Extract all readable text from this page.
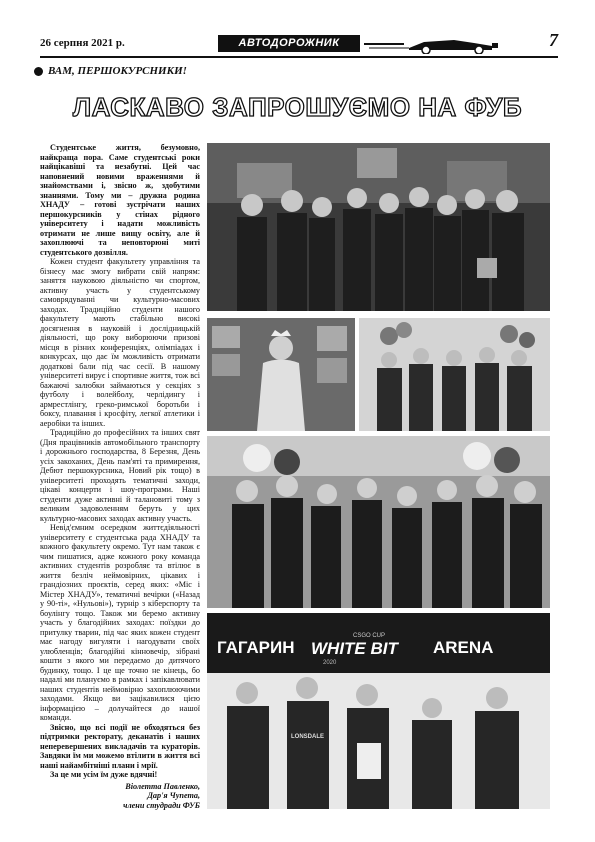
26 серпня 2021 р.	АВТОДОРОЖНИК	7
ВАМ, ПЕРШОКУРСНИКИ!
ЛАСКАВО ЗАПРОШУЄМО НА ФУБ

Студентське життя, безумовно, найкраща пора. Саме студентські роки найцікавіші та незабутні. Цей час наповнений новими враженнями й знайомствами і, звісно ж, здобутими знаннями. Тому ми – дружна родина ХНАДУ – готові зустрічати наших першокурсників у стінах рідного університету і надати можливість отримати не лише вищу освіту, але й захоплюючі та неповторюні миті студентського дозвілля.

Кожен студент факультету управління та бізнесу має змогу вибрати свій напрям: заняття науковою діяльністю чи спортом, активну участь у студентському самоврядуванні чи культурно-масових заходах. Традиційно студенти нашого факультету мають стабільно високі досягнення в науковій і дослідницькій діяльності, що року виборюючи призові місця в різних конференціях, олімпіадах і конкурсах, що дає їм можливість отримати додаткові бали під час сесії. В нашому університеті вирує і спортивне життя, тож всі бажаючі залюбки займаються у секціях з футболу і волейболу, черлідингу і армрестлінгу, греко-римської боротьби і боксу, плавання і кросфіту, легкої атлетики і аеробіки та інших.

Традиційно до професійних та інших свят (Дня працівників автомобільного транспорту і дорожнього господарства, 8 Березня, День усіх закоханих, День пам'яті та примирення, Дебют першокурсника, Новий рік тощо) в університеті проходять тематичні заходи, цікаві концерти і шоу-програми. Наші студенти дуже активні й талановиті тому з великим задоволенням беруть у цих культурно-масових заходах активну участь.

Невід'ємним осередком життєдіяльності університету є студентська рада ХНАДУ та кожного факультету окремо. Тут нам також є чим пишатися, адже кожного року команда активних студентів розробляє та втілює в життя безліч неймовірних, цікавих і грандіозних проєктів, серед яких: «Міс і Містер ХНАДУ», тематичні вечірки («Назад у 90-ті», «Нульові»), турнір з кіберспорту та боулінгу тощо. Також ми беремо активну участь у благодійних заходах: поїздки до притулку тварин, під час яких кожен студент має нагоду вигуляти і нагодувати своїх улюбленців; благодійні кінновечір, зібрані кошти з якого ми передаємо до дитячого будинку, тощо. І це ще точно не кінець, бо надалі ми плануємо в рамках і запікавлювати наших студентів неймовірно захоплюючими заходами. Якщо ви зацікавилися цією інформацією – долучайтеся до нашої команди.

Звісно, що всі події не обходяться без підтримки ректорату, деканатів і наших неперевершених викладачів та кураторів. Завдяки їм ми можемо втілити в життя всі наші найамбітніші плани і мрії.

За це ми усім їм дуже вдячні!

Віолетта Павленко,
Дар'я Чупета,
члени студради ФУБ
ГАГАРИН
CSGO CUP
WHITE BIT
2020
ARENA
LONSDALE
